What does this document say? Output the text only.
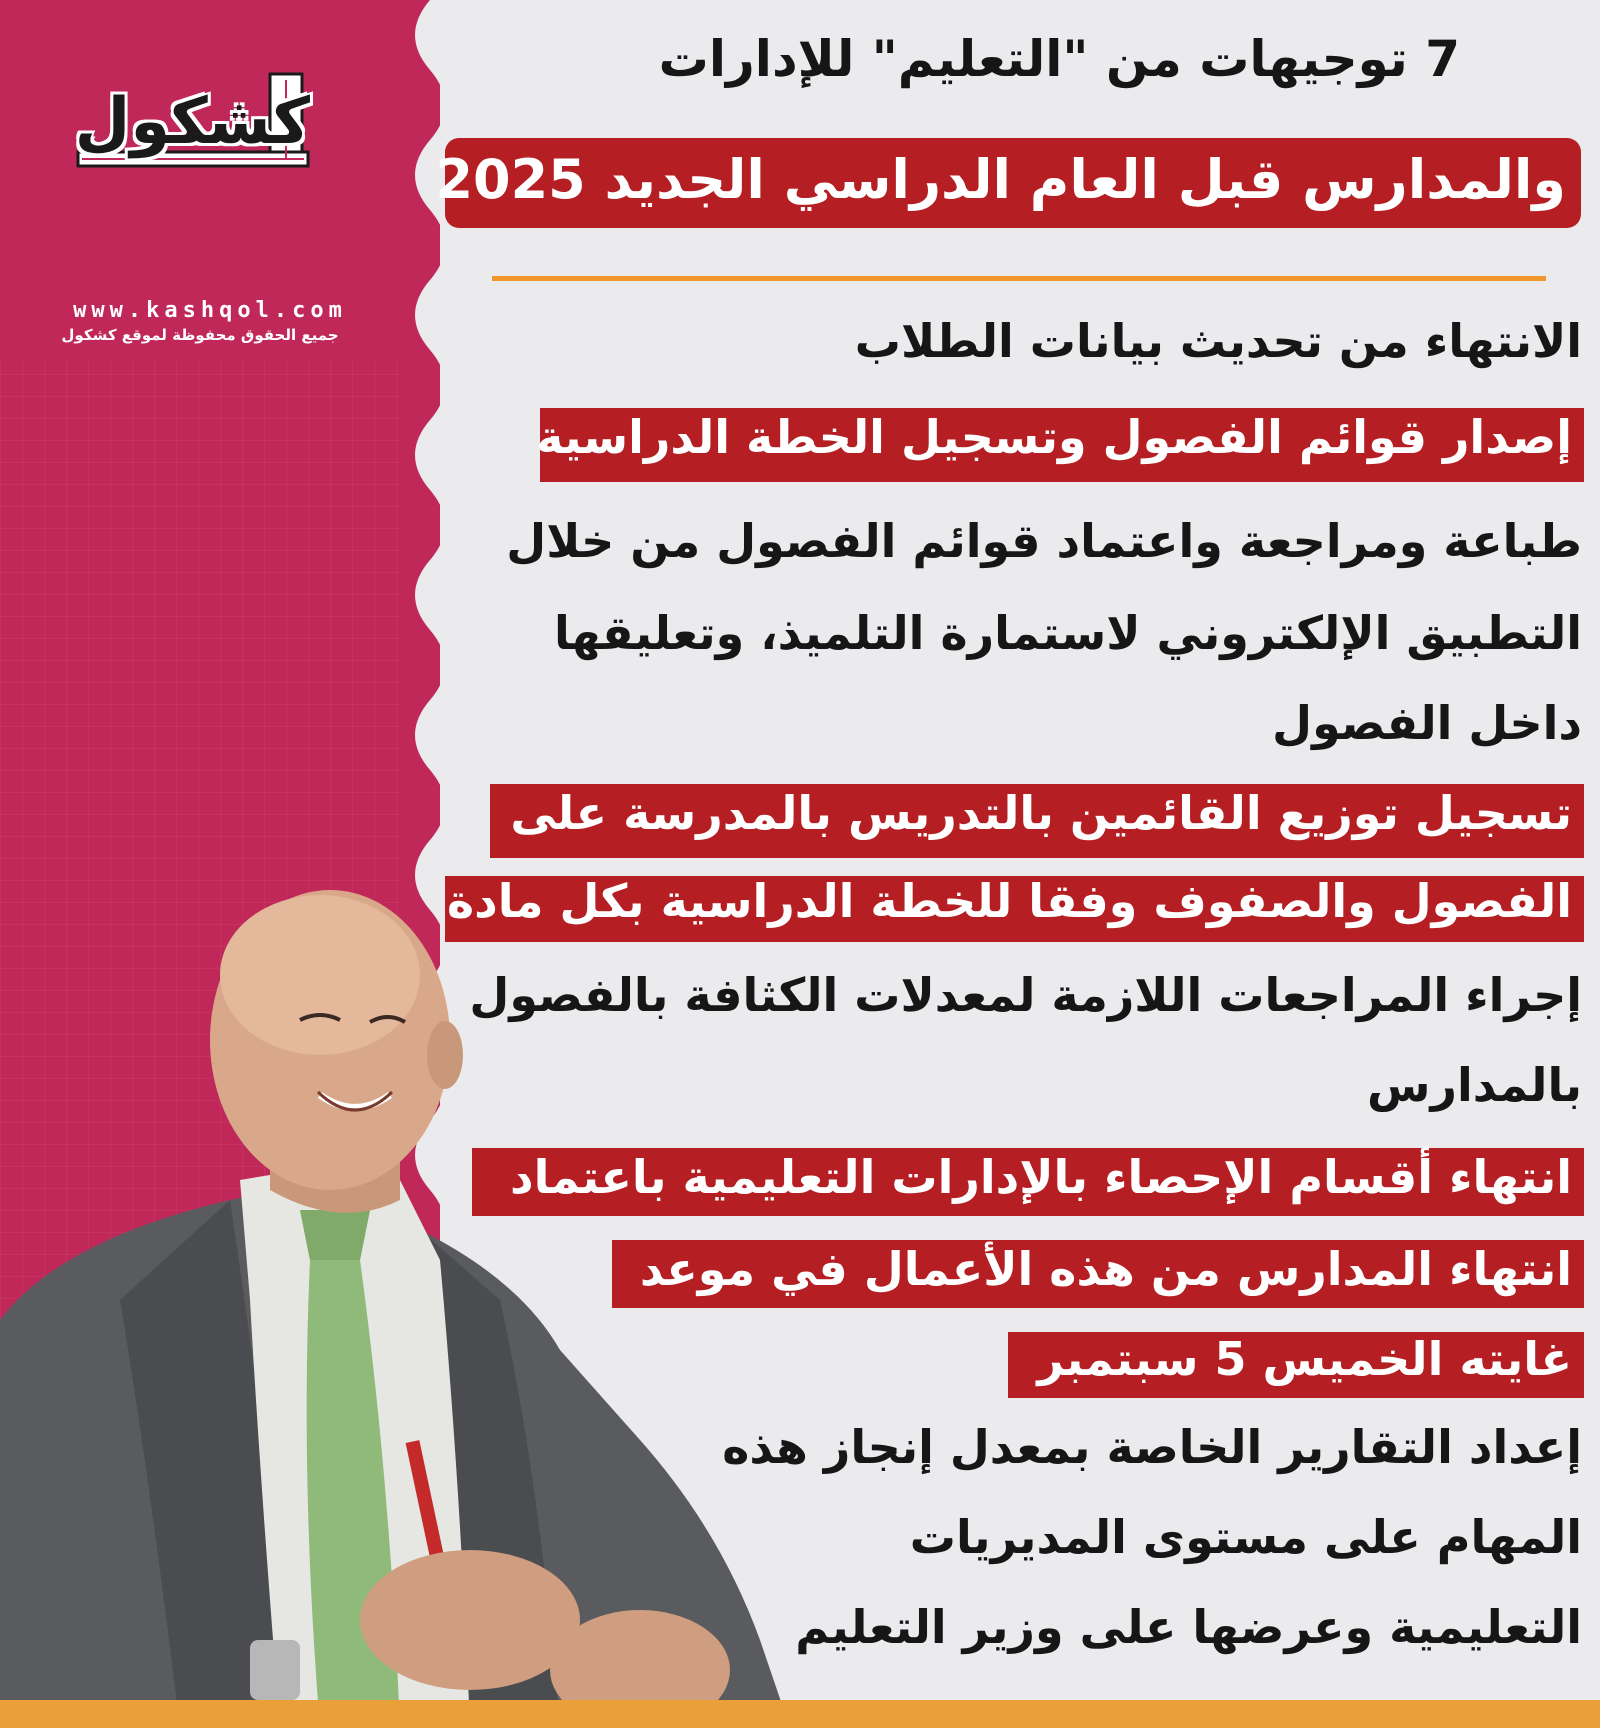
كشكول
www.kashqol.com
جميع الحقوق محفوظة لموقع كشكول
7 توجيهات من "التعليم" للإدارات
والمدارس قبل العام الدراسي الجديد 2025
الانتهاء من تحديث بيانات الطلاب
إصدار قوائم الفصول وتسجيل الخطة الدراسية
طباعة ومراجعة واعتماد قوائم الفصول من خلال
التطبيق الإلكتروني لاستمارة التلميذ، وتعليقها
داخل الفصول
تسجيل توزيع القائمين بالتدريس بالمدرسة على
الفصول والصفوف وفقا للخطة الدراسية بكل مادة
إجراء المراجعات اللازمة لمعدلات الكثافة بالفصول
بالمدارس
انتهاء أقسام الإحصاء بالإدارات التعليمية باعتماد
انتهاء المدارس من هذه الأعمال في موعد
غايته الخميس 5 سبتمبر
إعداد التقارير الخاصة بمعدل إنجاز هذه
المهام على مستوى المديريات
التعليمية وعرضها على وزير التعليم
